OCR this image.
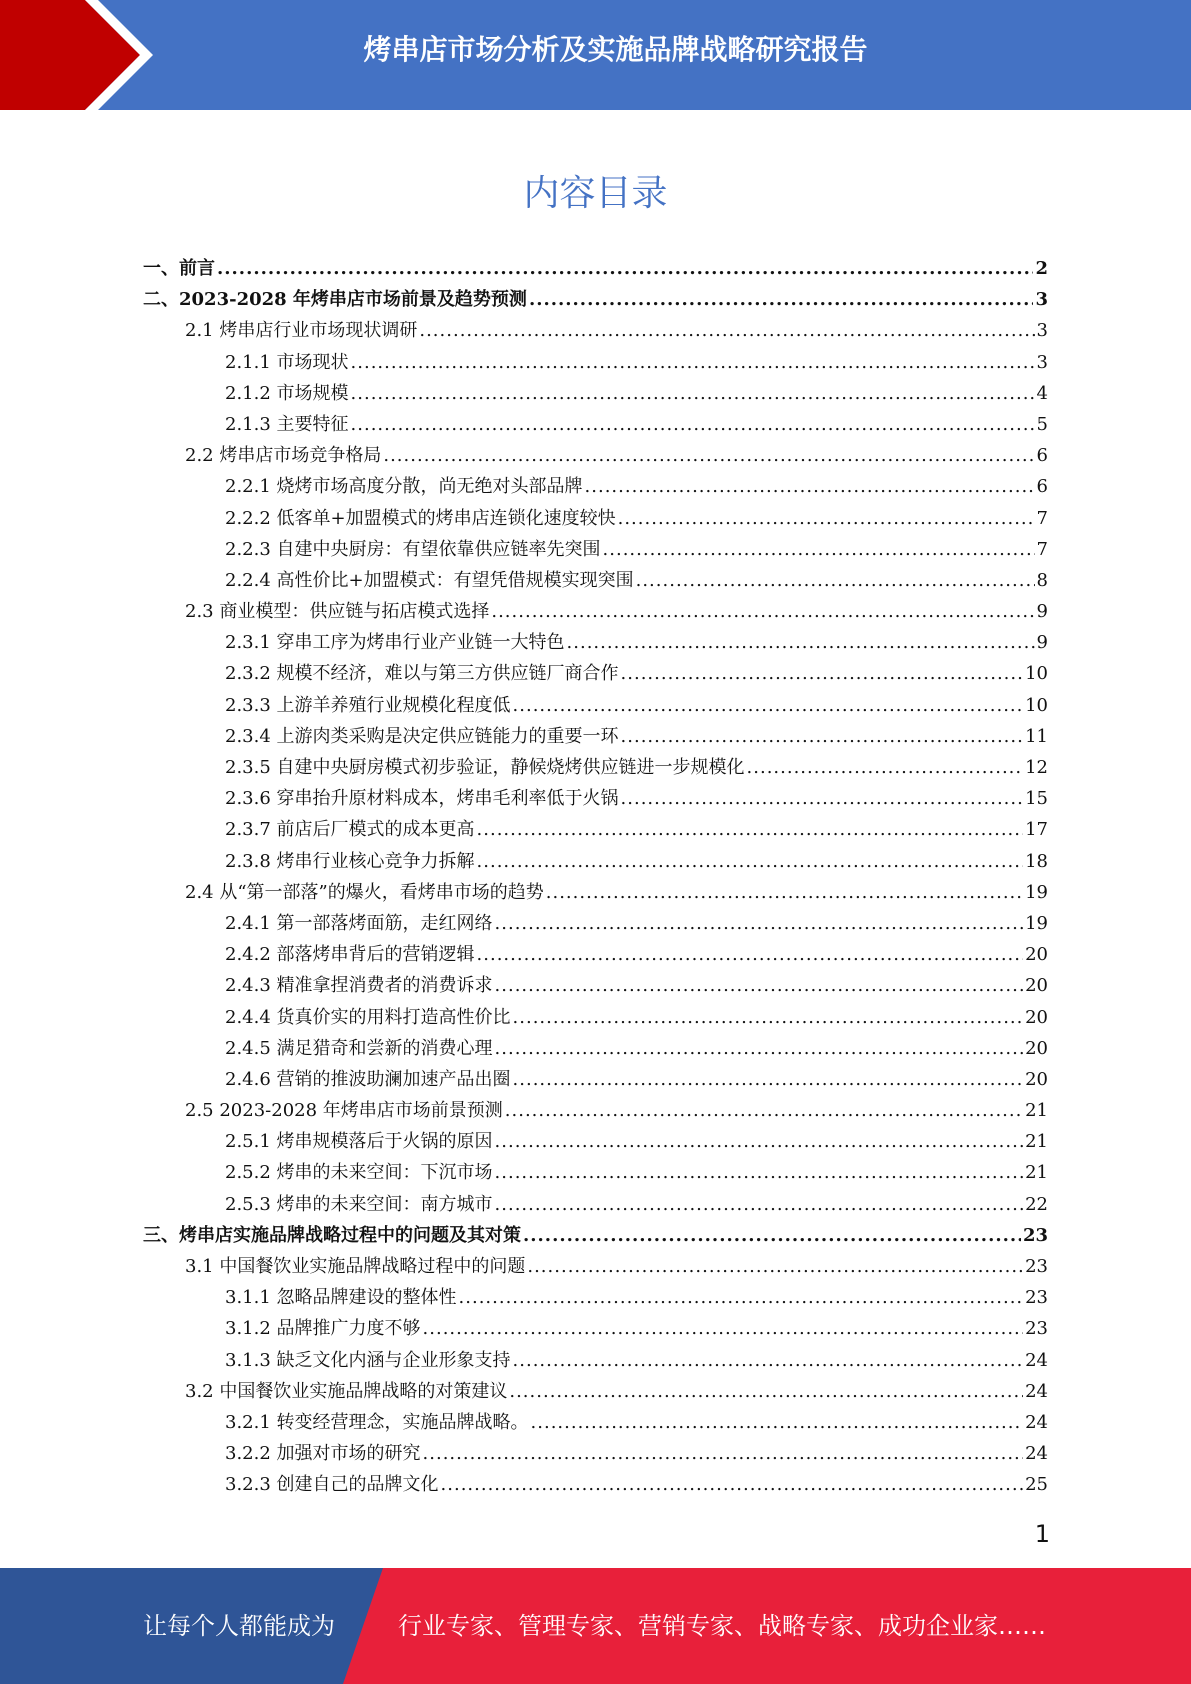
烤串店市场分析及实施品牌战略研究报告
内容目录
一、前言 .....	2
二、2023-2028 年烤串店市场前景及趋势预测 .....	3
2.1 烤串店行业市场现状调研 .....	3
2.1.1 市场现状 .....	3
2.1.2 市场规模 .....	4
2.1.3 主要特征 .....	5
2.2 烤串店市场竞争格局 .....	6
2.2.1 烧烤市场高度分散，尚无绝对头部品牌 .....	6
2.2.2 低客单+加盟模式的烤串店连锁化速度较快 .....	7
2.2.3 自建中央厨房：有望依靠供应链率先突围 .....	7
2.2.4 高性价比+加盟模式：有望凭借规模实现突围 .....	8
2.3 商业模型：供应链与拓店模式选择 .....	9
2.3.1 穿串工序为烤串行业产业链一大特色 .....	9
2.3.2 规模不经济，难以与第三方供应链厂商合作 .....	10
2.3.3 上游羊养殖行业规模化程度低 .....	10
2.3.4 上游肉类采购是决定供应链能力的重要一环 .....	11
2.3.5 自建中央厨房模式初步验证，静候烧烤供应链进一步规模化 .....	12
2.3.6 穿串抬升原材料成本，烤串毛利率低于火锅 .....	15
2.3.7 前店后厂模式的成本更高 .....	17
2.3.8 烤串行业核心竞争力拆解 .....	18
2.4 从“第一部落”的爆火，看烤串市场的趋势 .....	19
2.4.1 第一部落烤面筋，走红网络 .....	19
2.4.2 部落烤串背后的营销逻辑 .....	20
2.4.3 精准拿捏消费者的消费诉求 .....	20
2.4.4 货真价实的用料打造高性价比 .....	20
2.4.5 满足猎奇和尝新的消费心理 .....	20
2.4.6 营销的推波助澜加速产品出圈 .....	20
2.5 2023-2028 年烤串店市场前景预测 .....	21
2.5.1 烤串规模落后于火锅的原因 .....	21
2.5.2 烤串的未来空间：下沉市场 .....	21
2.5.3 烤串的未来空间：南方城市 .....	22
三、烤串店实施品牌战略过程中的问题及其对策 .....	23
3.1 中国餐饮业实施品牌战略过程中的问题 .....	23
3.1.1 忽略品牌建设的整体性 .....	23
3.1.2 品牌推广力度不够 .....	23
3.1.3 缺乏文化内涵与企业形象支持 .....	24
3.2 中国餐饮业实施品牌战略的对策建议 .....	24
3.2.1 转变经营理念，实施品牌战略。 .....	24
3.2.2 加强对市场的研究 .....	24
3.2.3 创建自己的品牌文化 .....	25
1
让每个人都能成为	行业专家、管理专家、营销专家、战略专家、成功企业家……
